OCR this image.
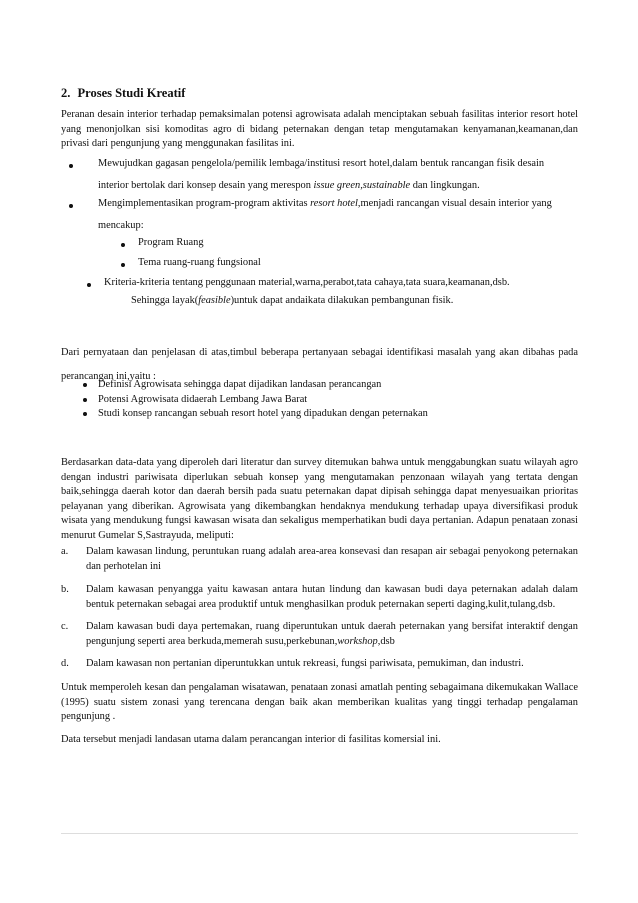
2. Proses Studi Kreatif
Peranan desain interior terhadap pemaksimalan potensi agrowisata adalah menciptakan sebuah fasilitas interior resort hotel yang menonjolkan sisi komoditas agro di bidang peternakan dengan tetap mengutamakan kenyamanan,keamanan,dan privasi dari pengunjung yang menggunakan fasilitas ini.
Mewujudkan gagasan pengelola/pemilik lembaga/institusi resort hotel,dalam bentuk rancangan fisik desain
interior bertolak dari konsep desain yang merespon issue green,sustainable dan lingkungan.
Mengimplementasikan program-program aktivitas resort hotel,menjadi rancangan visual desain interior yang
mencakup:
Program Ruang
Tema ruang-ruang fungsional
Kriteria-kriteria tentang penggunaan material,warna,perabot,tata cahaya,tata suara,keamanan,dsb.
Sehingga layak(feasible)untuk dapat andaikata dilakukan pembangunan fisik.
Dari pernyataan dan penjelasan di atas,timbul beberapa pertanyaan sebagai identifikasi masalah yang akan dibahas pada perancangan ini,yaitu :
Definisi Agrowisata sehingga dapat dijadikan landasan perancangan
Potensi Agrowisata didaerah Lembang Jawa Barat
Studi konsep rancangan sebuah resort hotel yang dipadukan dengan peternakan
Berdasarkan data-data yang diperoleh dari literatur dan survey ditemukan bahwa untuk menggabungkan suatu wilayah agro dengan industri pariwisata diperlukan sebuah konsep yang mengutamakan penzonaan wilayah yang tertata dengan baik,sehingga daerah kotor dan daerah bersih pada suatu peternakan dapat dipisah sehingga dapat menyesuaikan prioritas pelayanan yang diberikan. Agrowisata yang dikembangkan hendaknya mendukung terhadap upaya diversifikasi produk wisata yang mendukung fungsi kawasan wisata dan sekaligus memperhatikan budi daya pertanian. Adapun penataan zonasi menurut Gumelar S,Sastrayuda, meliputi:
a. Dalam kawasan lindung, peruntukan ruang adalah area-area konsevasi dan resapan air sebagai penyokong peternakan dan perhotelan ini
b. Dalam kawasan penyangga yaitu kawasan antara hutan lindung dan kawasan budi daya peternakan adalah dalam bentuk peternakan sebagai area produktif untuk menghasilkan produk peternakan seperti daging,kulit,tulang,dsb.
c. Dalam kawasan budi daya pertemakan, ruang diperuntukan untuk daerah peternakan yang bersifat interaktif dengan pengunjung seperti area berkuda,memerah susu,perkebunan,workshop,dsb
d. Dalam kawasan non pertanian diperuntukkan untuk rekreasi, fungsi pariwisata, pemukiman, dan industri.
Untuk memperoleh kesan dan pengalaman wisatawan, penataan zonasi amatlah penting sebagaimana dikemukakan Wallace (1995) suatu sistem zonasi yang terencana dengan baik akan memberikan kualitas yang tinggi terhadap pengalaman pengunjung .
Data tersebut menjadi landasan utama dalam perancangan interior di fasilitas komersial ini.
